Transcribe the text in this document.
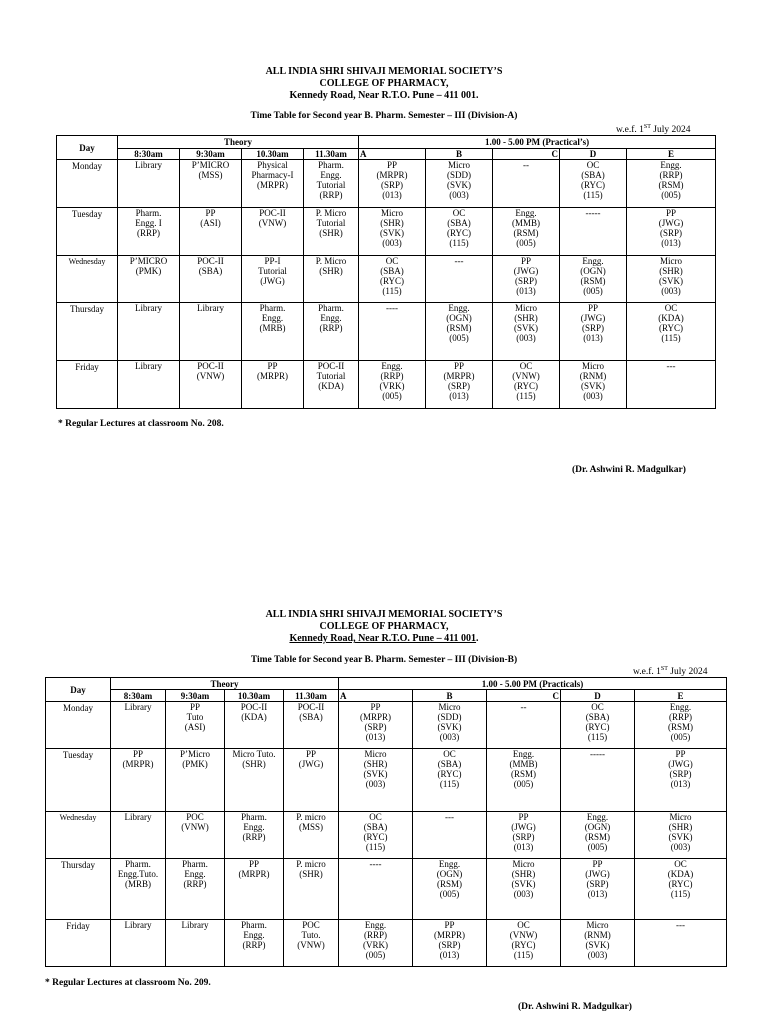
ALL INDIA SHRI SHIVAJI MEMORIAL SOCIETY’S
COLLEGE OF PHARMACY,
Kennedy Road, Near R.T.O. Pune – 411 001.
Time Table for Second year B. Pharm. Semester – III (Division-A)
w.e.f. 1ST July 2024
Day	Theory				1.00 - 5.00 PM (Practical’s)				
	8:30am	9:30am	10.30am	11.30am	A	B	C	D	E
Monday	Library	P’MICRO
(MSS)	Physical
Pharmacy-I
(MRPR)	Pharm.
Engg.
Tutorial
(RRP)	PP
(MRPR)
(SRP)
(013)	Micro
(SDD)
(SVK)
(003)	--	OC
(SBA)
(RYC)
(115)	Engg.
(RRP)
(RSM)
(005)
Tuesday	Pharm.
Engg. I
(RRP)	PP
(ASI)	POC-II
(VNW)	P. Micro
Tutorial
(SHR)	Micro
(SHR)
(SVK)
(003)	OC
(SBA)
(RYC)
(115)	Engg.
(MMB)
(RSM)
(005)	-----	PP
(JWG)
(SRP)
(013)
Wednesday	P’MICRO
(PMK)	POC-II
(SBA)	PP-I
Tutorial
(JWG)	P. Micro
(SHR)	OC
(SBA)
(RYC)
(115)	---	PP
(JWG)
(SRP)
(013)	Engg.
(OGN)
(RSM)
(005)	Micro
(SHR)
(SVK)
(003)
Thursday	Library	Library	Pharm.
Engg.
(MRB)	Pharm.
Engg.
(RRP)	----	Engg.
(OGN)
(RSM)
(005)	Micro
(SHR)
(SVK)
(003)	PP
(JWG)
(SRP)
(013)	OC
(KDA)
(RYC)
(115)
Friday	Library	POC-II
(VNW)	PP
(MRPR)	POC-II
Tutorial
(KDA)	Engg.
(RRP)
(VRK)
(005)	PP
(MRPR)
(SRP)
(013)	OC
(VNW)
(RYC)
(115)	Micro
(RNM)
(SVK)
(003)	---
* Regular Lectures at classroom No. 208.
(Dr. Ashwini R. Madgulkar)
ALL INDIA SHRI SHIVAJI MEMORIAL SOCIETY’S
COLLEGE OF PHARMACY,
Kennedy Road, Near R.T.O. Pune – 411 001.
Time Table for Second year B. Pharm. Semester – III (Division-B)
w.e.f. 1ST July 2024
Day	Theory				1.00 - 5.00 PM (Practicals)				
	8:30am	9:30am	10.30am	11.30am	A	B	C	D	E
Monday	Library	PP
Tuto
(ASI)	POC-II
(KDA)	POC-II
(SBA)	PP
(MRPR)
(SRP)
(013)	Micro
(SDD)
(SVK)
(003)	--	OC
(SBA)
(RYC)
(115)	Engg.
(RRP)
(RSM)
(005)
Tuesday	PP
(MRPR)	P’Micro
(PMK)	Micro Tuto.
(SHR)	PP
(JWG)	Micro
(SHR)
(SVK)
(003)	OC
(SBA)
(RYC)
(115)	Engg.
(MMB)
(RSM)
(005)	-----	PP
(JWG)
(SRP)
(013)
Wednesday	Library	POC
(VNW)	Pharm.
Engg.
(RRP)	P. micro
(MSS)	OC
(SBA)
(RYC)
(115)	---	PP
(JWG)
(SRP)
(013)	Engg.
(OGN)
(RSM)
(005)	Micro
(SHR)
(SVK)
(003)
Thursday	Pharm.
Engg.Tuto.
(MRB)	Pharm.
Engg.
(RRP)	PP
(MRPR)	P. micro
(SHR)	----	Engg.
(OGN)
(RSM)
(005)	Micro
(SHR)
(SVK)
(003)	PP
(JWG)
(SRP)
(013)	OC
(KDA)
(RYC)
(115)
Friday	Library	Library	Pharm.
Engg.
(RRP)	POC
Tuto.
(VNW)	Engg.
(RRP)
(VRK)
(005)	PP
(MRPR)
(SRP)
(013)	OC
(VNW)
(RYC)
(115)	Micro
(RNM)
(SVK)
(003)	---
* Regular Lectures at classroom No. 209.
(Dr. Ashwini R. Madgulkar)
